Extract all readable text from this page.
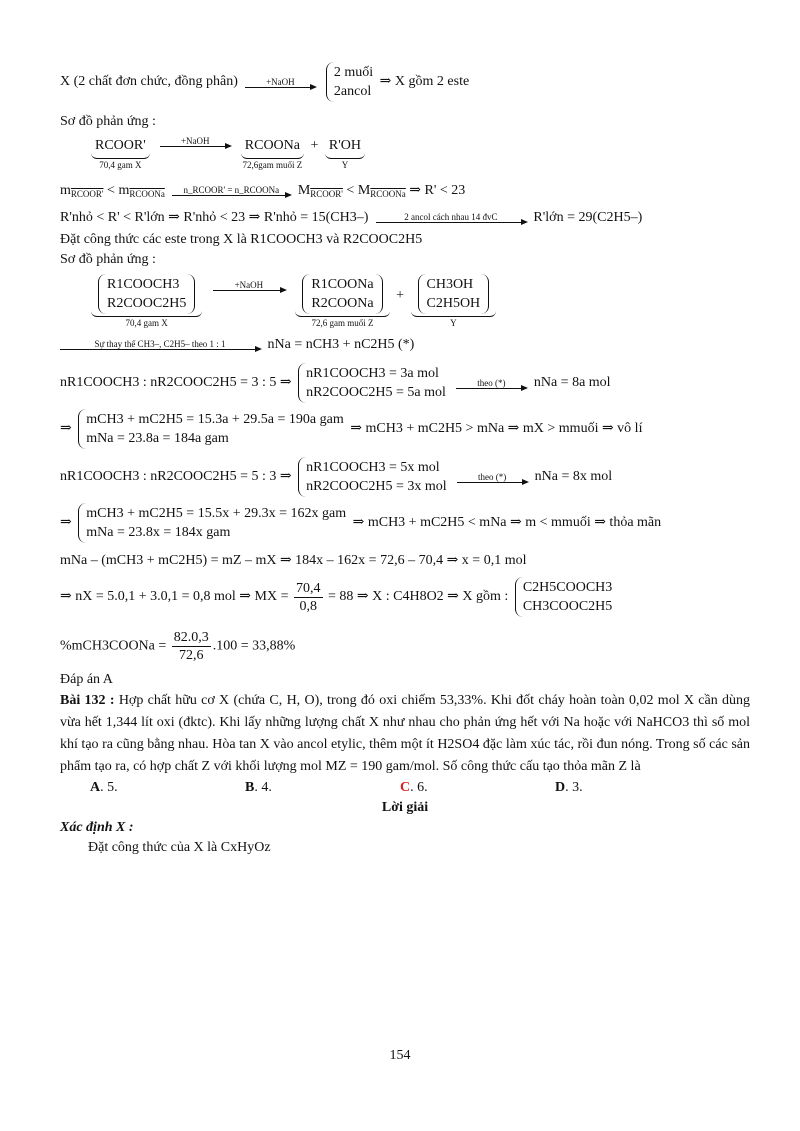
X (2 chất đơn chức, đồng phân)	+NaOH
2 muối
2ancol ⇒ X gồm 2 este
Sơ đồ phản ứng :
RCOOR'
70,4 gam X

+NaOH
	RCOONa
72,6gam muối Z
+ R'OH
Y
$m_{RCOOR'} < m_{RCOONa}$	n_RCOOR' = n_RCOONa	$M_{RCOOR'} < M_{RCOONa}$ ⇒ R' < 23
R'nhỏ < R' < R'lớn ⇒ R'nhỏ < 23 ⇒ R'nhỏ = 15(CH3–)	2 ancol cách nhau 14 đvC	R'lớn = 29(C2H5–)
Đặt công thức các este trong X là R1COOCH3 và R2COOC2H5
Sơ đồ phản ứng :
R1COOCH3
R2COOC2H5
70,4 gam X

+NaOH
	R1COONa
R2COONa
72,6 gam muối Z
+
CH3OH
C2H5OH
Y
Sự thay thế CH3–, C2H5– theo 1 : 1	nNa = nCH3 + nC2H5 (*)
nR1COOCH3 : nR2COOC2H5 = 3 : 5 ⇒ nR1COOCH3 = 3a mol
nR2COOC2H5 = 5a mol
theo (*)	nNa = 8a mol
⇒ mCH3 + mC2H5 = 15.3a + 29.5a = 190a gam
mNa = 23.8a = 184a gam ⇒ mCH3 + mC2H5 > mNa ⇒ mX > mmuối ⇒ vô lí
nR1COOCH3 : nR2COOC2H5 = 5 : 3 ⇒ nR1COOCH3 = 5x mol
nR2COOC2H5 = 3x mol
theo (*)	nNa = 8x mol
⇒ mCH3 + mC2H5 = 15.5x + 29.3x = 162x gam
mNa = 23.8x = 184x gam ⇒ mCH3 + mC2H5 < mNa ⇒ m < mmuối ⇒ thỏa mãn
mNa – (mCH3 + mC2H5) = mZ – mX ⇒ 184x – 162x = 72,6 – 70,4 ⇒ x = 0,1 mol
⇒ nX = 5.0,1 + 3.0,1 = 0,8 mol ⇒ MX = $\frac{70,4}{0,8} = 88$ ⇒ X : C4H8O2 ⇒ X gồm : C2H5COOCH3
CH3COOC2H5
%mCH3COONa = $\frac{82.0,3}{72,6} .100 = 33,88\%$
Đáp án A
Bài 132 : Hợp chất hữu cơ X (chứa C, H, O), trong đó oxi chiếm 53,33%. Khi đốt cháy hoàn toàn 0,02 mol X cần dùng vừa hết 1,344 lít oxi (đktc). Khi lấy những lượng chất X như nhau cho phản ứng hết với Na hoặc với NaHCO3 thì số mol khí tạo ra cũng bằng nhau. Hòa tan X vào ancol etylic, thêm một ít H2SO4 đặc làm xúc tác, rồi đun nóng. Trong số các sản phẩm tạo ra, có hợp chất Z với khối lượng mol MZ = 190 gam/mol. Số công thức cấu tạo thỏa mãn Z là
A. 5.	B. 4.	C. 6.	D. 3.
Lời giải
Xác định X :
Đặt công thức của X là CxHyOz
154
